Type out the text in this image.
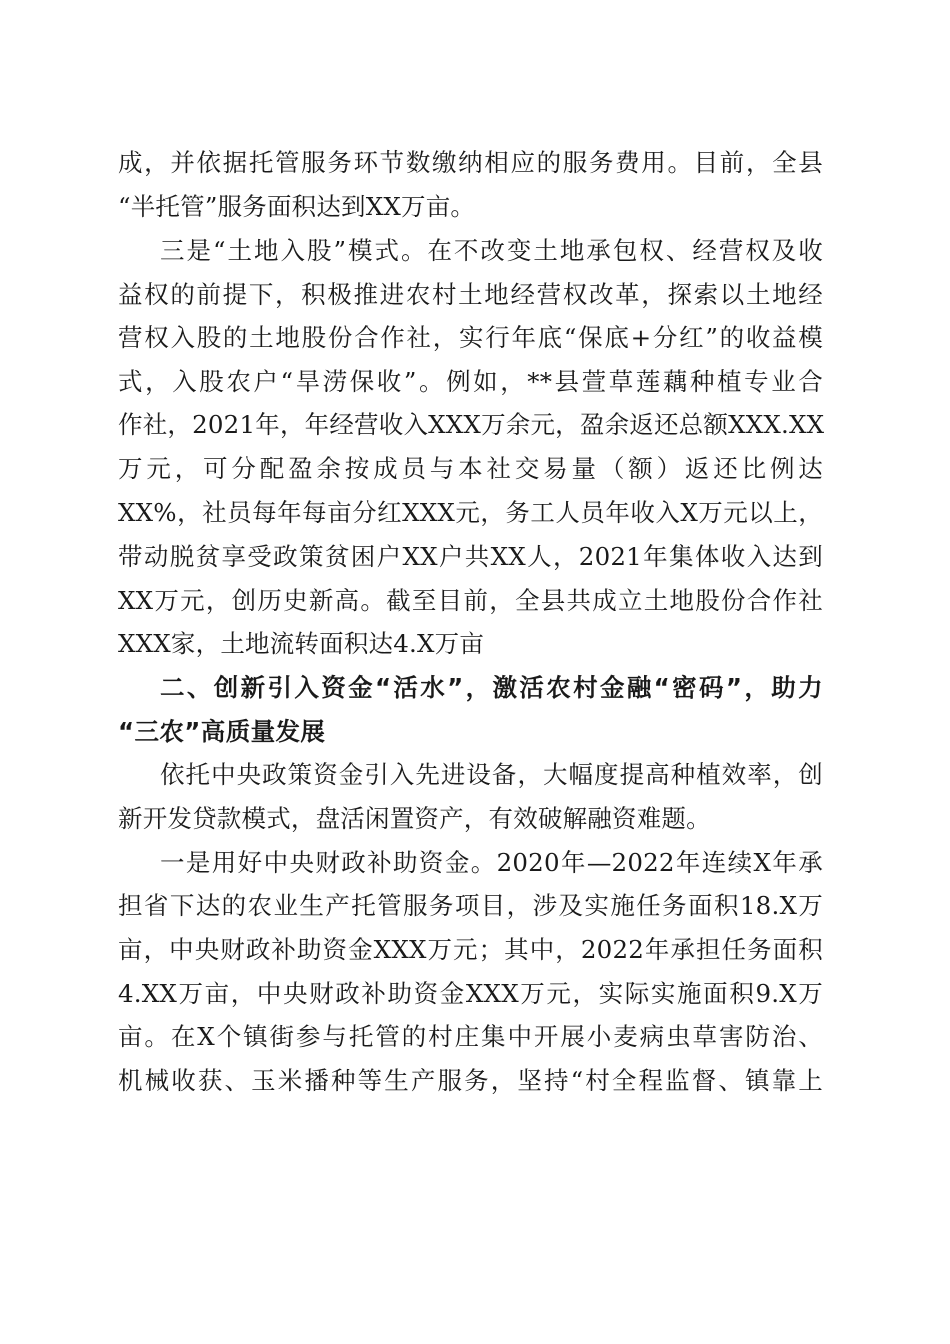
成，并依据托管服务环节数缴纳相应的服务费用。目前，全县
“半托管”服务面积达到XX万亩。
三是“土地入股”模式。在不改变土地承包权、经营权及收
益权的前提下，积极推进农村土地经营权改革，探索以土地经
营权入股的土地股份合作社，实行年底“保底+分红”的收益模
式，入股农户“旱涝保收”。例如，**县萱草莲藕种植专业合
作社，2021年，年经营收入XXX万余元，盈余返还总额XXX.XX
万元，可分配盈余按成员与本社交易量（额）返还比例达
XX%，社员每年每亩分红XXX元，务工人员年收入X万元以上，
带动脱贫享受政策贫困户XX户共XX人，2021年集体收入达到
XX万元，创历史新高。截至目前，全县共成立土地股份合作社
XXX家，土地流转面积达4.X万亩
二、创新引入资金“活水”，激活农村金融“密码”，助力
“三农”高质量发展
依托中央政策资金引入先进设备，大幅度提高种植效率，创
新开发贷款模式，盘活闲置资产，有效破解融资难题。
一是用好中央财政补助资金。2020年—2022年连续X年承
担省下达的农业生产托管服务项目，涉及实施任务面积18.X万
亩，中央财政补助资金XXX万元；其中，2022年承担任务面积
4.XX万亩，中央财政补助资金XXX万元，实际实施面积9.X万
亩。在X个镇街参与托管的村庄集中开展小麦病虫草害防治、
机械收获、玉米播种等生产服务，坚持“村全程监督、镇靠上
